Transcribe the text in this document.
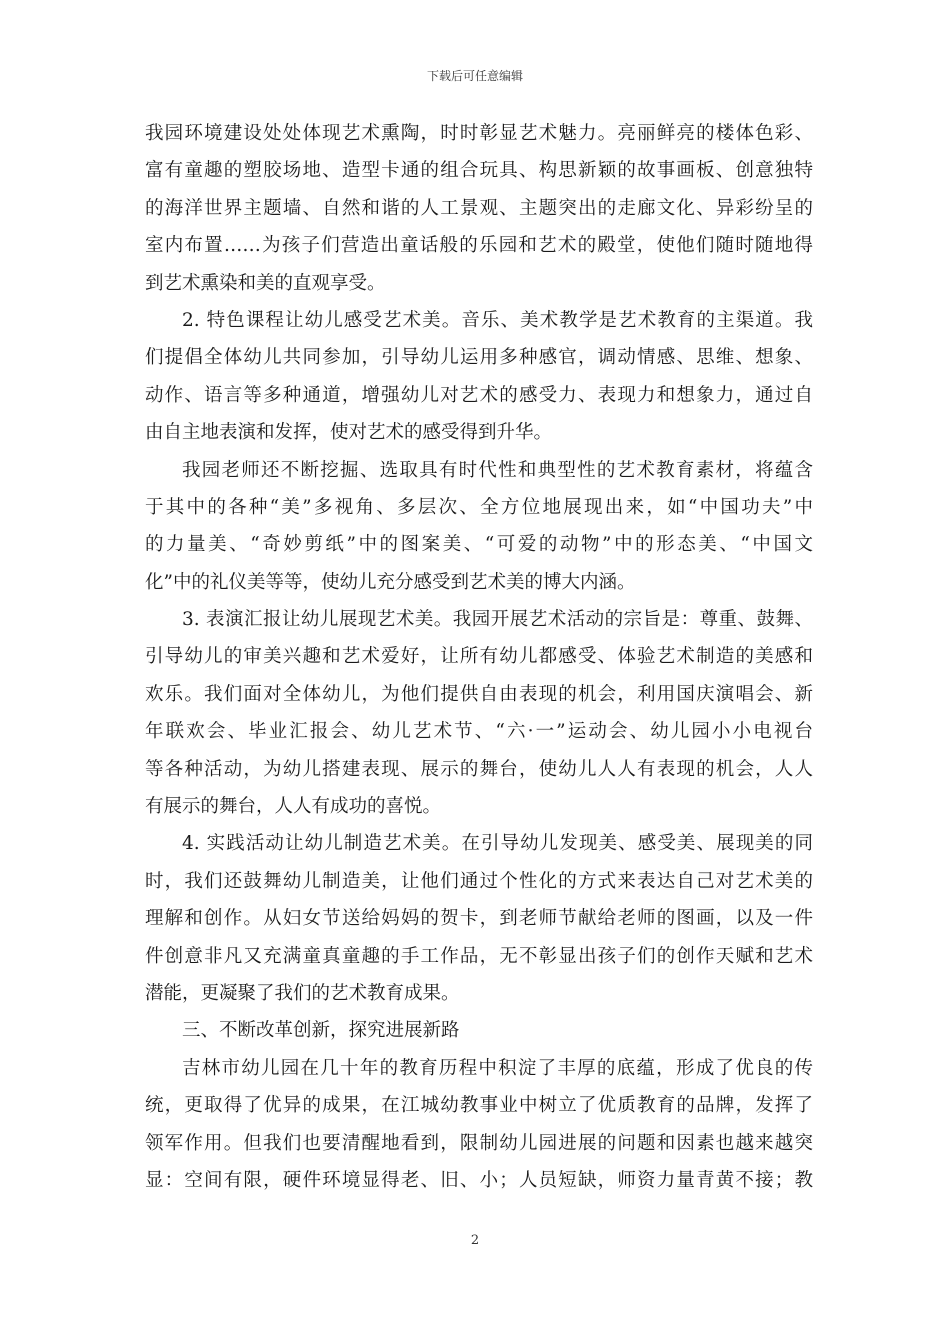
下载后可任意编辑
我园环境建设处处体现艺术熏陶，时时彰显艺术魅力。亮丽鲜亮的楼体色彩、
富有童趣的塑胶场地、造型卡通的组合玩具、构思新颖的故事画板、创意独特
的海洋世界主题墙、自然和谐的人工景观、主题突出的走廊文化、异彩纷呈的
室内布置……为孩子们营造出童话般的乐园和艺术的殿堂，使他们随时随地得
到艺术熏染和美的直观享受。
2. 特色课程让幼儿感受艺术美。音乐、美术教学是艺术教育的主渠道。我
们提倡全体幼儿共同参加，引导幼儿运用多种感官，调动情感、思维、想象、
动作、语言等多种通道，增强幼儿对艺术的感受力、表现力和想象力，通过自
由自主地表演和发挥，使对艺术的感受得到升华。
我园老师还不断挖掘、选取具有时代性和典型性的艺术教育素材，将蕴含
于其中的各种“美”多视角、多层次、全方位地展现出来，如“中国功夫”中
的力量美、“奇妙剪纸”中的图案美、“可爱的动物”中的形态美、“中国文
化”中的礼仪美等等，使幼儿充分感受到艺术美的博大内涵。
3. 表演汇报让幼儿展现艺术美。我园开展艺术活动的宗旨是：尊重、鼓舞、
引导幼儿的审美兴趣和艺术爱好，让所有幼儿都感受、体验艺术制造的美感和
欢乐。我们面对全体幼儿，为他们提供自由表现的机会，利用国庆演唱会、新
年联欢会、毕业汇报会、幼儿艺术节、“六·一”运动会、幼儿园小小电视台
等各种活动，为幼儿搭建表现、展示的舞台，使幼儿人人有表现的机会，人人
有展示的舞台，人人有成功的喜悦。
4. 实践活动让幼儿制造艺术美。在引导幼儿发现美、感受美、展现美的同
时，我们还鼓舞幼儿制造美，让他们通过个性化的方式来表达自己对艺术美的
理解和创作。从妇女节送给妈妈的贺卡，到老师节献给老师的图画，以及一件
件创意非凡又充满童真童趣的手工作品，无不彰显出孩子们的创作天赋和艺术
潜能，更凝聚了我们的艺术教育成果。
三、不断改革创新，探究进展新路
吉林市幼儿园在几十年的教育历程中积淀了丰厚的底蕴，形成了优良的传
统，更取得了优异的成果，在江城幼教事业中树立了优质教育的品牌，发挥了
领军作用。但我们也要清醒地看到，限制幼儿园进展的问题和因素也越来越突
显：空间有限，硬件环境显得老、旧、小；人员短缺，师资力量青黄不接；教
2
